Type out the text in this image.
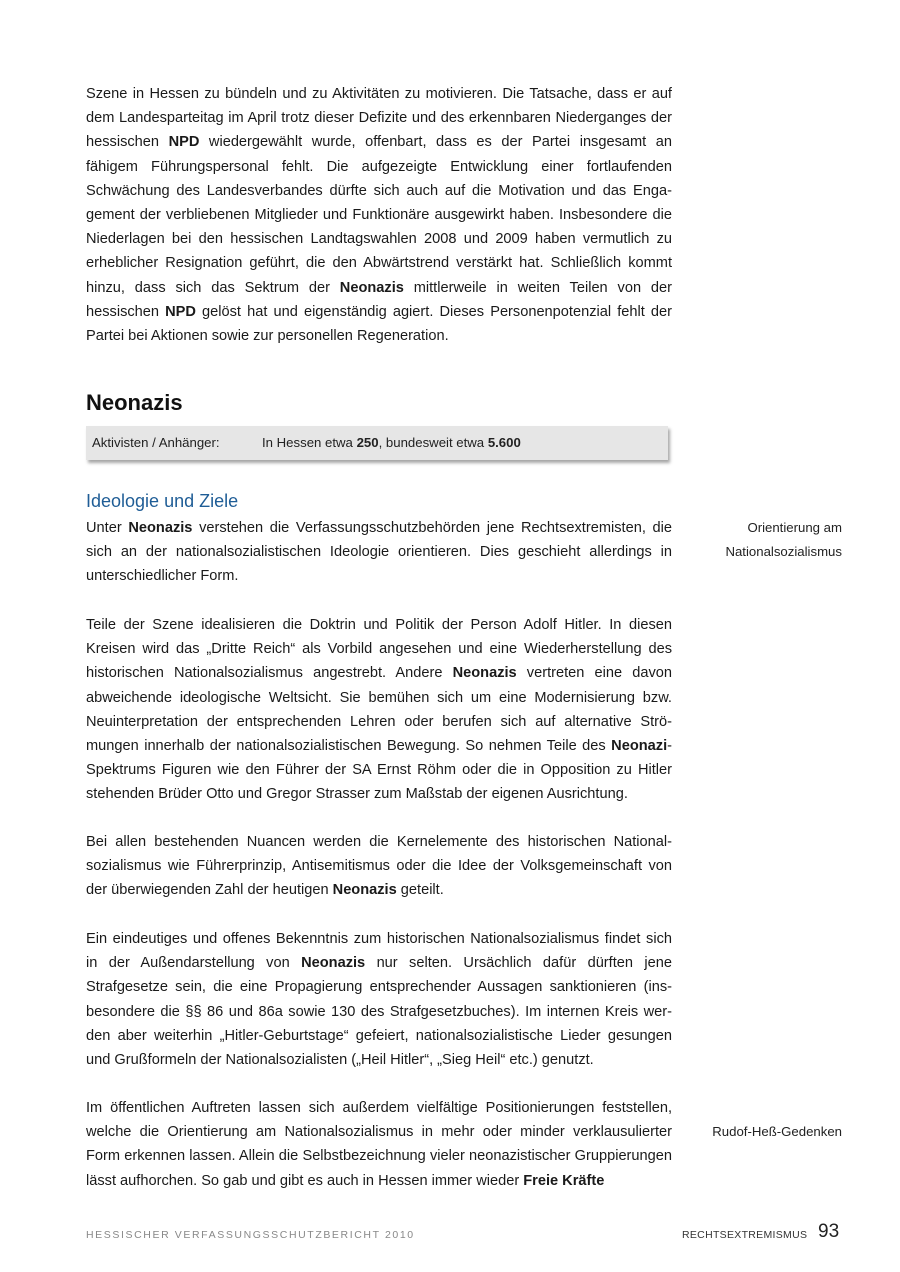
Szene in Hessen zu bündeln und zu Aktivitäten zu motivieren. Die Tatsache, dass er auf dem Landesparteitag im April trotz dieser Defizite und des erkennbaren Niederganges der hessischen NPD wiedergewählt wurde, offenbart, dass es der Partei insgesamt an fähigem Führungspersonal fehlt. Die aufgezeigte Entwicklung einer fortlaufenden Schwächung des Landesverbandes dürfte sich auch auf die Motivation und das Engagement der verbliebenen Mitglieder und Funktionäre ausgewirkt haben. Insbesondere die Niederlagen bei den hessischen Landtagswahlen 2008 und 2009 haben vermutlich zu erheblicher Resignation geführt, die den Abwärtstrend verstärkt hat. Schließlich kommt hinzu, dass sich das Sektrum der Neonazis mittlerweile in weiten Teilen von der hessischen NPD gelöst hat und eigenständig agiert. Dieses Personenpotenzial fehlt der Partei bei Aktionen sowie zur personellen Regeneration.

Neonazis
Aktivisten / Anhänger:	In Hessen etwa 250, bundesweit etwa 5.600
Ideologie und Ziele

Unter Neonazis verstehen die Verfassungsschutzbehörden jene Rechtsextremisten, die sich an der nationalsozialistischen Ideologie orientieren. Dies geschieht allerdings in unterschiedlicher Form.

Teile der Szene idealisieren die Doktrin und Politik der Person Adolf Hitler. In diesen Kreisen wird das „Dritte Reich“ als Vorbild angesehen und eine Wiederherstellung des historischen Nationalsozialismus angestrebt. Andere Neonazis vertreten eine davon abweichende ideologische Weltsicht. Sie bemühen sich um eine Modernisierung bzw. Neuinterpretation der entsprechenden Lehren oder berufen sich auf alternative Strömungen innerhalb der nationalsozialistischen Bewegung. So nehmen Teile des Neonazi-Spektrums Figuren wie den Führer der SA Ernst Röhm oder die in Opposition zu Hitler stehenden Brüder Otto und Gregor Strasser zum Maßstab der eigenen Ausrichtung.

Bei allen bestehenden Nuancen werden die Kernelemente des historischen Nationalsozialismus wie Führerprinzip, Antisemitismus oder die Idee der Volksgemeinschaft von der überwiegenden Zahl der heutigen Neonazis geteilt.

Ein eindeutiges und offenes Bekenntnis zum historischen Nationalsozialismus findet sich in der Außendarstellung von Neonazis nur selten. Ursächlich dafür dürften jene Strafgesetze sein, die eine Propagierung entsprechender Aussagen sanktionieren (insbesondere die §§ 86 und 86a sowie 130 des Strafgesetzbuches). Im internen Kreis werden aber weiterhin „Hitler-Geburtstage“ gefeiert, nationalsozialistische Lieder gesungen und Grußformeln der Nationalsozialisten („Heil Hitler“, „Sieg Heil“ etc.) genutzt.

Im öffentlichen Auftreten lassen sich außerdem vielfältige Positionierungen feststellen, welche die Orientierung am Nationalsozialismus in mehr oder minder verklausulierter Form erkennen lassen. Allein die Selbstbezeichnung vieler neonazistischer Gruppierungen lässt aufhorchen. So gab und gibt es auch in Hessen immer wieder Freie Kräfte

Orientierung am Nationalsozialismus
Rudof-Heß-Gedenken
HESSISCHER VERFASSUNGSSCHUTZBERICHT 2010	RECHTSEXTREMISMUS 93
